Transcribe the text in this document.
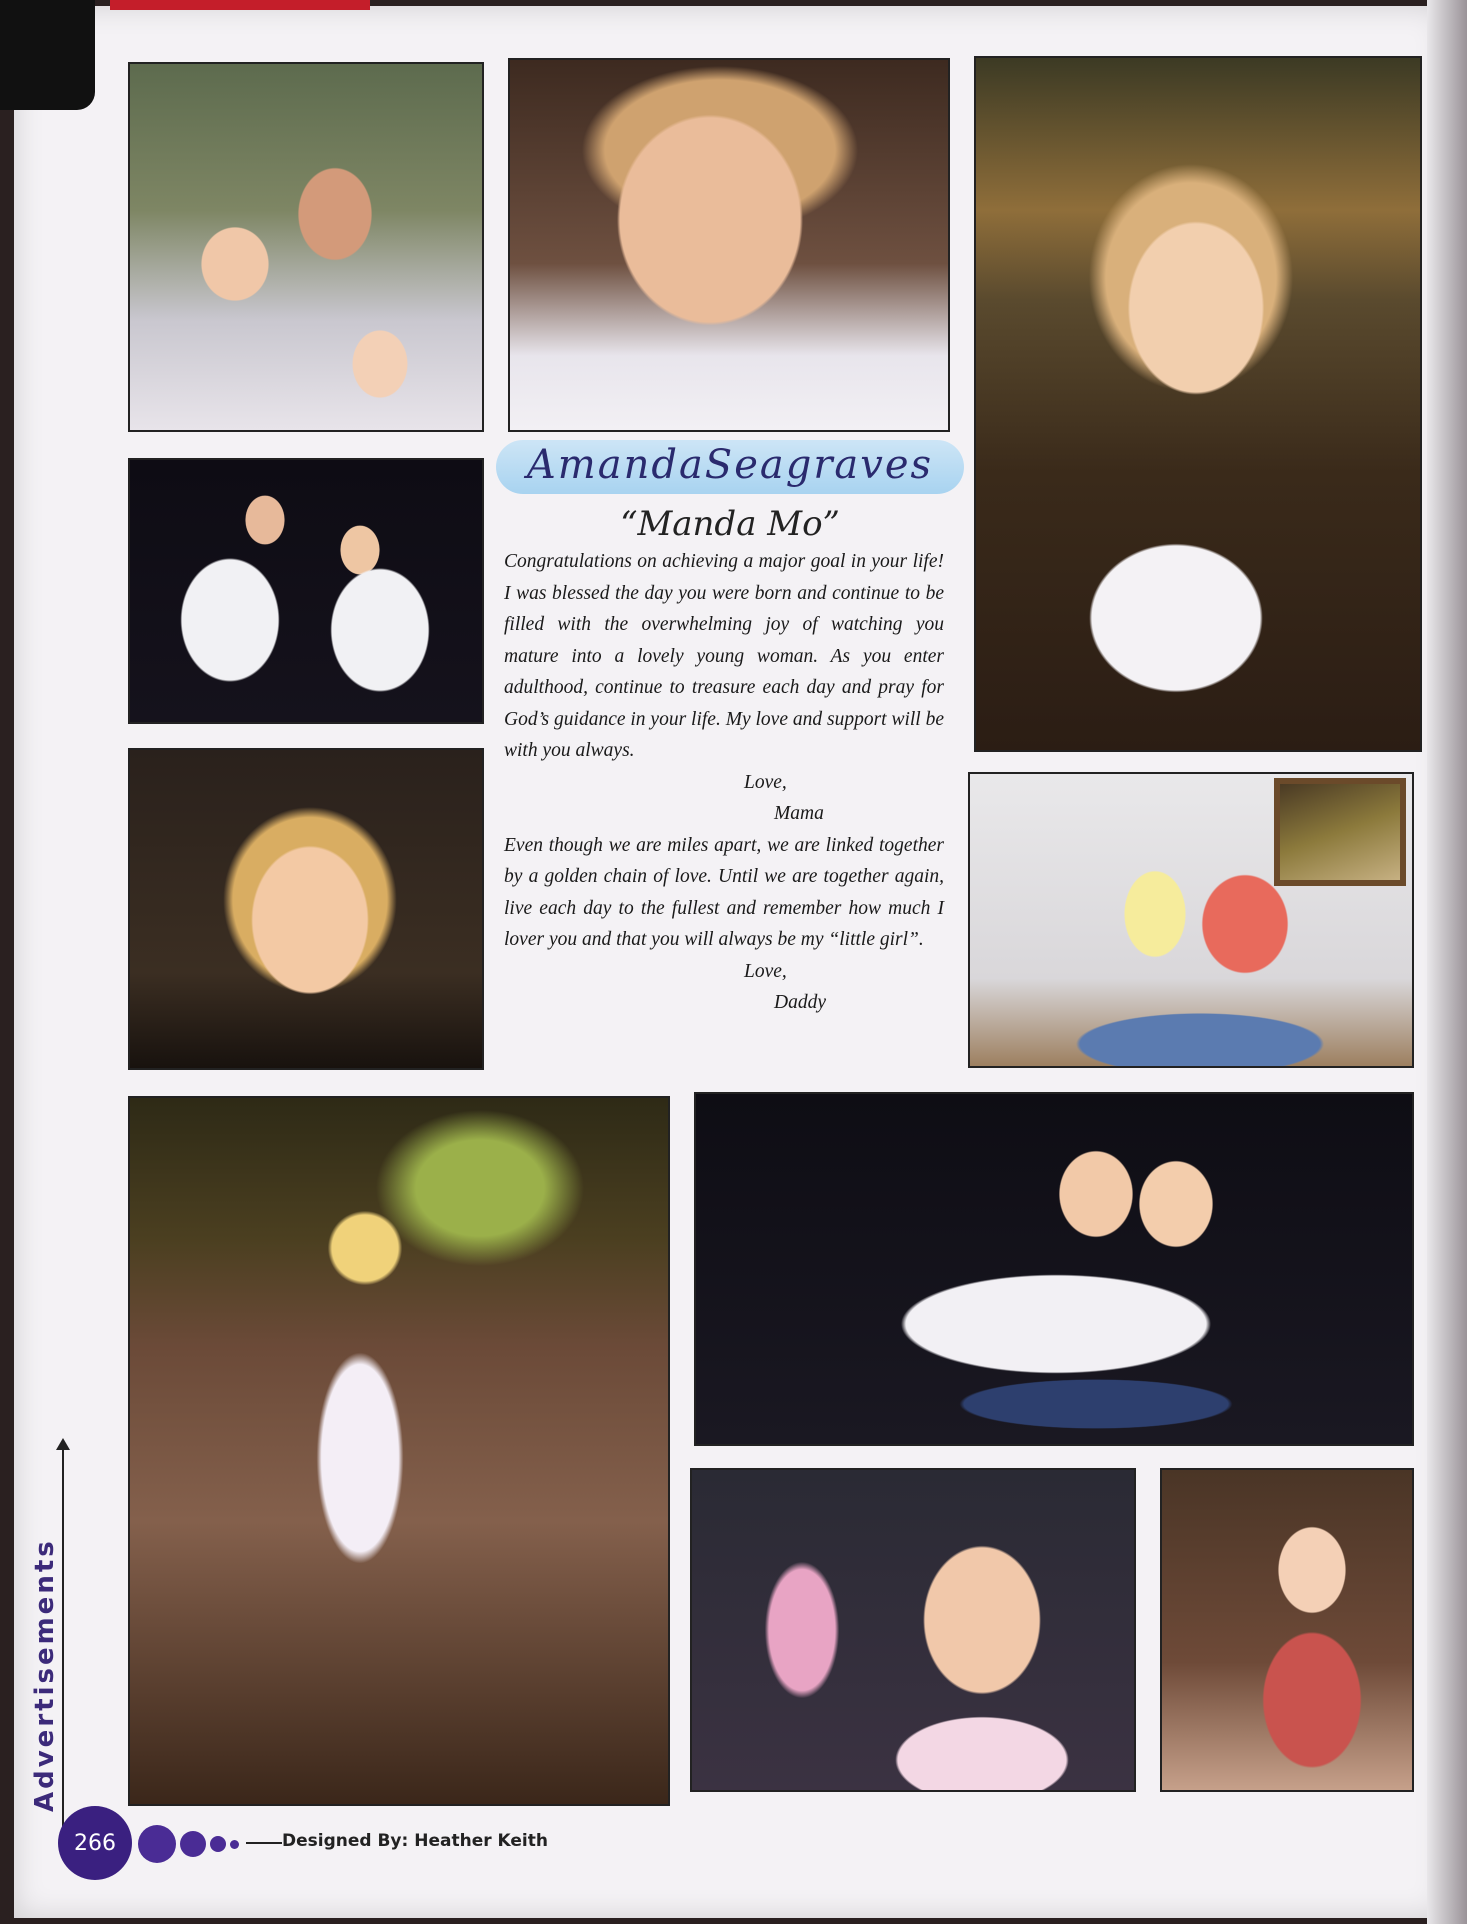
AmandaSeagraves
“Manda Mo”
Congratulations on achieving a major goal in your life! I was blessed the day you were born and continue to be filled with the overwhelming joy of watching you mature into a lovely young woman. As you enter adulthood, continue to treasure each day and pray for God’s guidance in your life. My love and support will be with you always.
Love,
Mama
Even though we are miles apart, we are linked together by a golden chain of love. Until we are together again, live each day to the fullest and remember how much I lover you and that you will always be my “little girl”.
Love,
Daddy
Advertisements
266	Designed By: Heather Keith
